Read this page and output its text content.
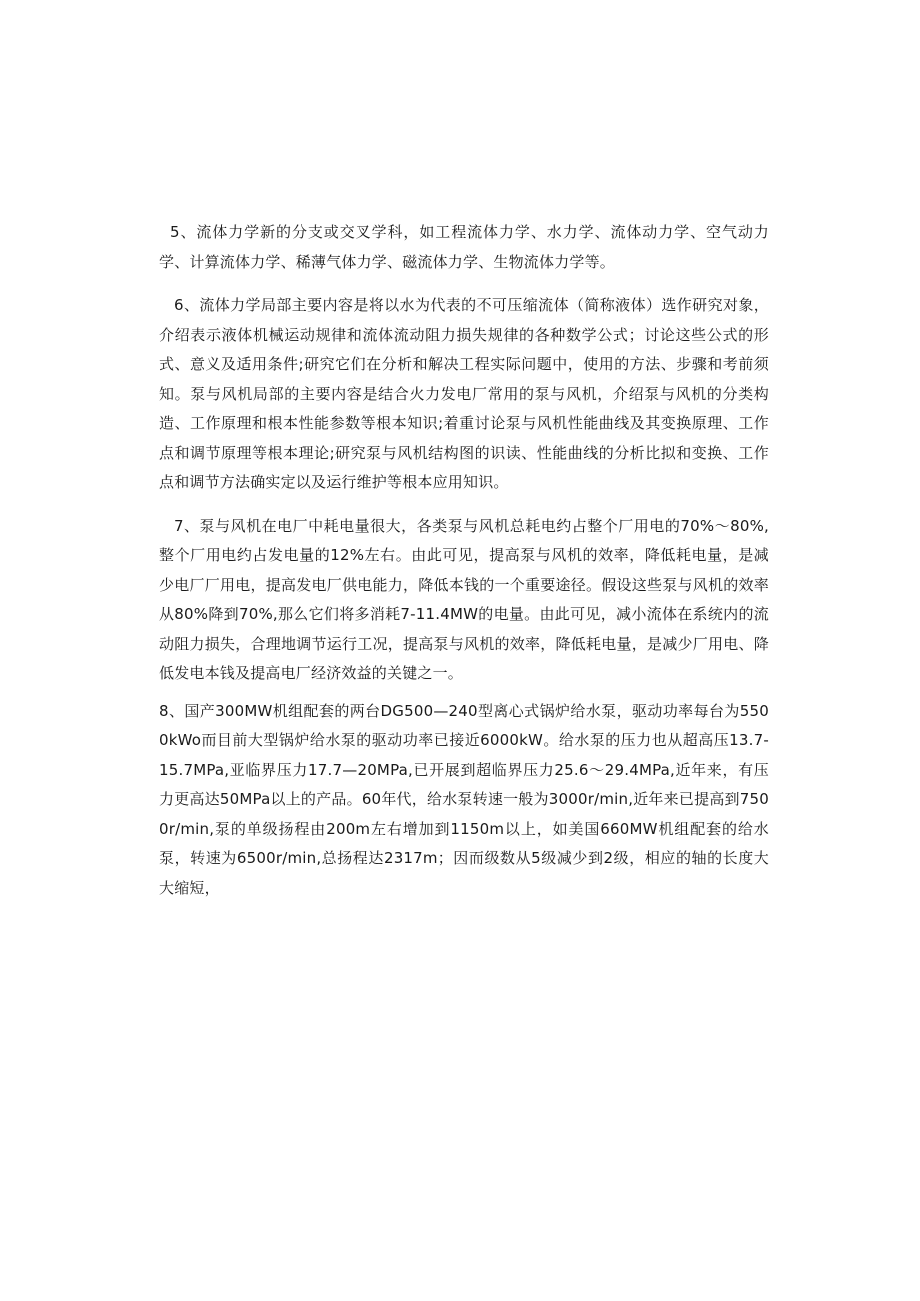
5、流体力学新的分支或交叉学科，如工程流体力学、水力学、流体动力学、空气动力学、计算流体力学、稀薄气体力学、磁流体力学、生物流体力学等。

6、流体力学局部主要内容是将以水为代表的不可压缩流体（简称液体）选作研究对象，介绍表示液体机械运动规律和流体流动阻力损失规律的各种数学公式；讨论这些公式的形式、意义及适用条件;研究它们在分析和解决工程实际问题中，使用的方法、步骤和考前须知。泵与风机局部的主要内容是结合火力发电厂常用的泵与风机，介绍泵与风机的分类构造、工作原理和根本性能参数等根本知识;着重讨论泵与风机性能曲线及其变换原理、工作点和调节原理等根本理论;研究泵与风机结构图的识读、性能曲线的分析比拟和变换、工作点和调节方法确实定以及运行维护等根本应用知识。

7、泵与风机在电厂中耗电量很大，各类泵与风机总耗电约占整个厂用电的70%〜80%,整个厂用电约占发电量的12%左右。由此可见，提高泵与风机的效率，降低耗电量，是减少电厂厂用电，提高发电厂供电能力，降低本钱的一个重要途径。假设这些泵与风机的效率从80%降到70%,那么它们将多消耗7-11.4MW的电量。由此可见，减小流体在系统内的流动阻力损失，合理地调节运行工况，提高泵与风机的效率，降低耗电量，是减少厂用电、降低发电本钱及提高电厂经济效益的关键之一。

8、国产300MW机组配套的两台DG500—240型离心式锅炉给水泵，驱动功率每台为5500kWo而目前大型锅炉给水泵的驱动功率已接近6000kW。给水泵的压力也从超高压13.7-15.7MPa,亚临界压力17.7—20MPa,已开展到超临界压力25.6〜29.4MPa,近年来，有压力更高达50MPa以上的产品。60年代，给水泵转速一般为3000r/min,近年来已提高到7500r/min,泵的单级扬程由200m左右增加到1150m以上，如美国660MW机组配套的给水泵，转速为6500r/min,总扬程达2317m；因而级数从5级减少到2级，相应的轴的长度大大缩短，
